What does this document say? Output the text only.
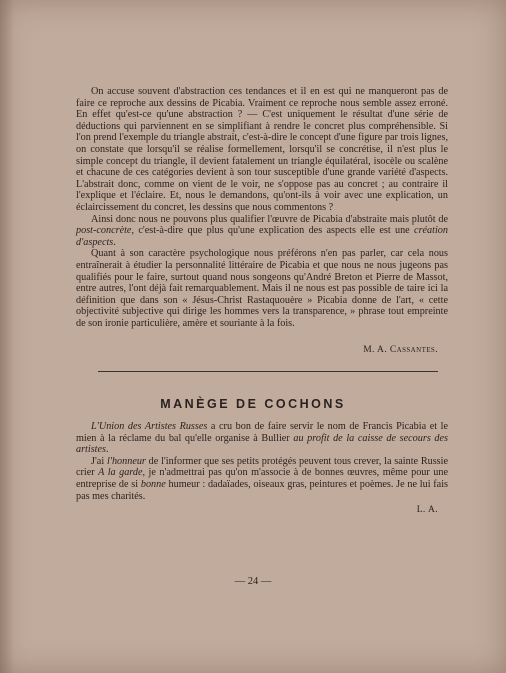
On accuse souvent d'abstraction ces tendances et il en est qui ne manqueront pas de faire ce reproche aux dessins de Picabia. Vraiment ce reproche nous semble assez erroné. En effet qu'est-ce qu'une abstraction ? — C'est uniquement le résultat d'une série de déductions qui parviennent en se simplifiant à rendre le concret plus compréhensible. Si l'on prend l'exemple du triangle abstrait, c'est-à-dire le concept d'une figure par trois lignes, on constate que lorsqu'il se réalise formellement, lorsqu'il se concrétise, il n'est plus le simple concept du triangle, il devient fatalement un triangle équilatéral, isocèle ou scalène et chacune de ces catégories devient à son tour susceptible d'une grande variété d'aspects. L'abstrait donc, comme on vient de le voir, ne s'oppose pas au concret ; au contraire il l'explique et l'éclaire. Et, nous le demandons, qu'ont-ils à voir avec une explication, un éclaircissement du concret, les dessins que nous commentons ?

Ainsi donc nous ne pouvons plus qualifier l'œuvre de Picabia d'abstraite mais plutôt de post-concrète, c'est-à-dire que plus qu'une explication des aspects elle est une création d'aspects.

Quant à son caractère psychologique nous préférons n'en pas parler, car cela nous entraînerait à étudier la personnalité littéraire de Picabia et que nous ne nous jugeons pas qualifiés pour le faire, surtout quand nous songeons qu'André Breton et Pierre de Massot, entre autres, l'ont déjà fait remarquablement. Mais il ne nous est pas possible de taire ici la définition que dans son « Jésus-Christ Rastaquouère » Picabia donne de l'art, « cette objectivité subjective qui dirige les hommes vers la transparence, » phrase tout empreinte de son ironie particulière, amère et souriante à la fois.

M. A. Cassantes.
MANÈGE DE COCHONS

L'Union des Artistes Russes a cru bon de faire servir le nom de Francis Picabia et le mien à la réclame du bal qu'elle organise à Bullier au profit de la caisse de secours des artistes.

J'ai l'honneur de l'informer que ses petits protégés peuvent tous crever, la sainte Russie crier A la garde, je n'admettrai pas qu'on m'associe à de bonnes œuvres, même pour une entreprise de si bonne humeur : dadaïades, oiseaux gras, peintures et poèmes. Je ne lui fais pas mes charités.

L. A.
— 24 —
